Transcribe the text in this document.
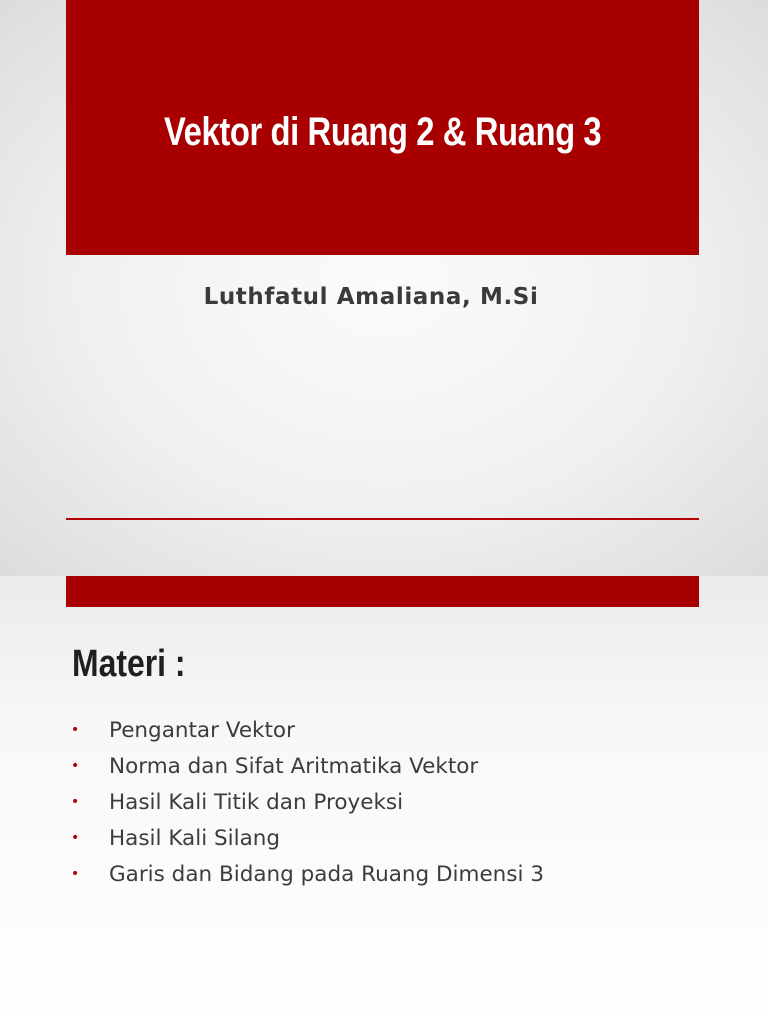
Vektor di Ruang 2 & Ruang 3
Luthfatul Amaliana, M.Si
Materi :
•	Pengantar Vektor
•	Norma dan Sifat Aritmatika Vektor
•	Hasil Kali Titik dan Proyeksi
•	Hasil Kali Silang
•	Garis dan Bidang pada Ruang Dimensi 3
